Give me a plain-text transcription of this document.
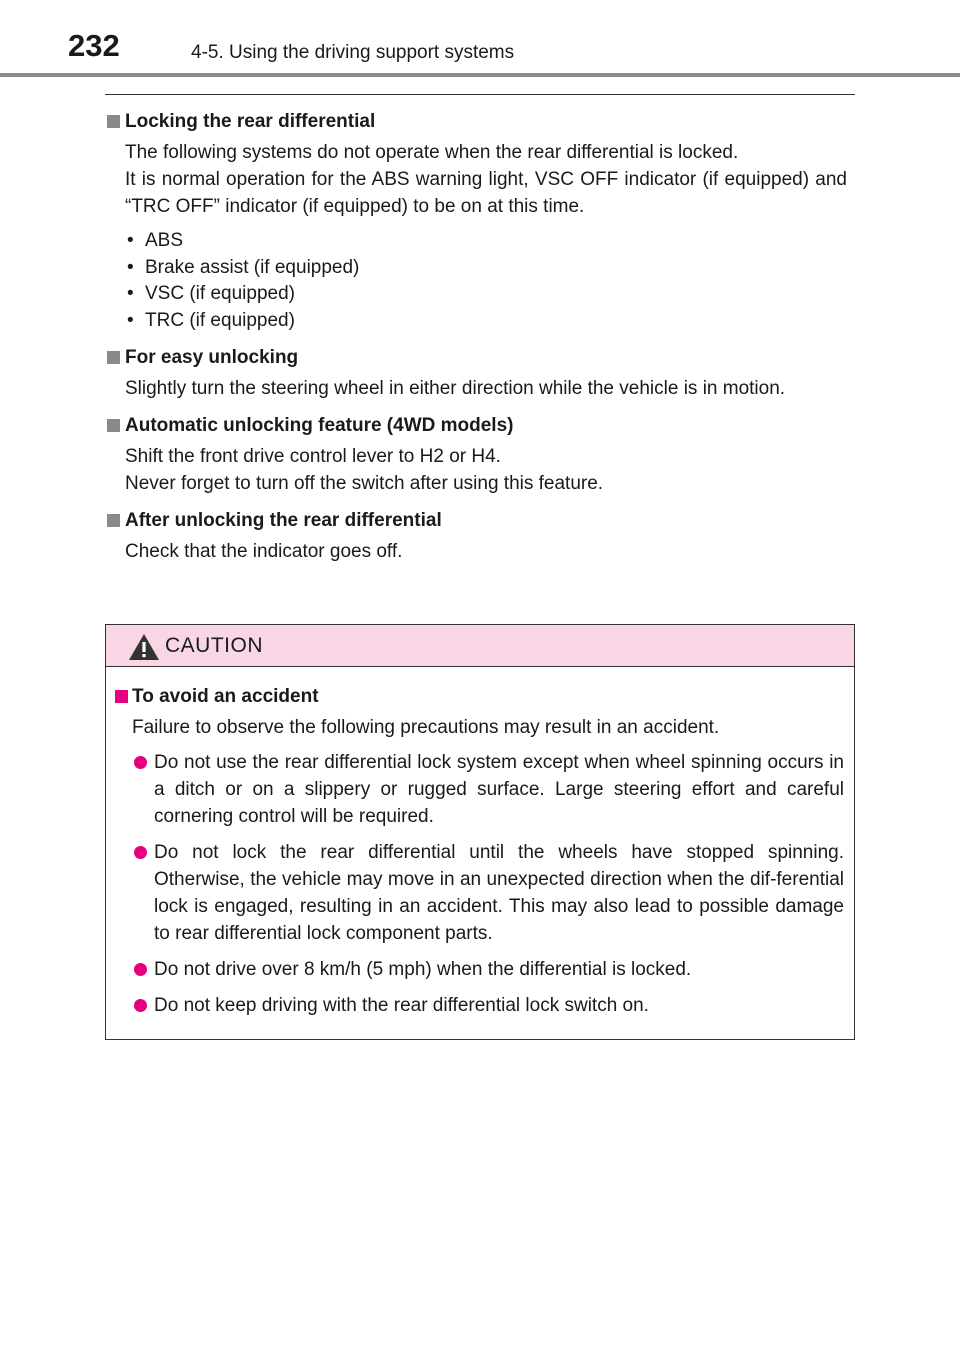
232	4-5. Using the driving support systems
Locking the rear differential

The following systems do not operate when the rear differential is locked.

It is normal operation for the ABS warning light, VSC OFF indicator (if equipped) and “TRC OFF” indicator (if equipped) to be on at this time.

• ABS
• Brake assist (if equipped)
• VSC (if equipped)
• TRC (if equipped)
For easy unlocking

Slightly turn the steering wheel in either direction while the vehicle is in motion.

Automatic unlocking feature (4WD models)

Shift the front drive control lever to H2 or H4.

Never forget to turn off the switch after using this feature.

After unlocking the rear differential

Check that the indicator goes off.

CAUTION
To avoid an accident
Failure to observe the following precautions may result in an accident.
Do not use the rear differential lock system except when wheel spinning occurs in a ditch or on a slippery or rugged surface. Large steering effort and careful cornering control will be required.
Do not lock the rear differential until the wheels have stopped spinning. Otherwise, the vehicle may move in an unexpected direction when the dif-ferential lock is engaged, resulting in an accident. This may also lead to possible damage to rear differential lock component parts.
Do not drive over 8 km/h (5 mph) when the differential is locked.
Do not keep driving with the rear differential lock switch on.
